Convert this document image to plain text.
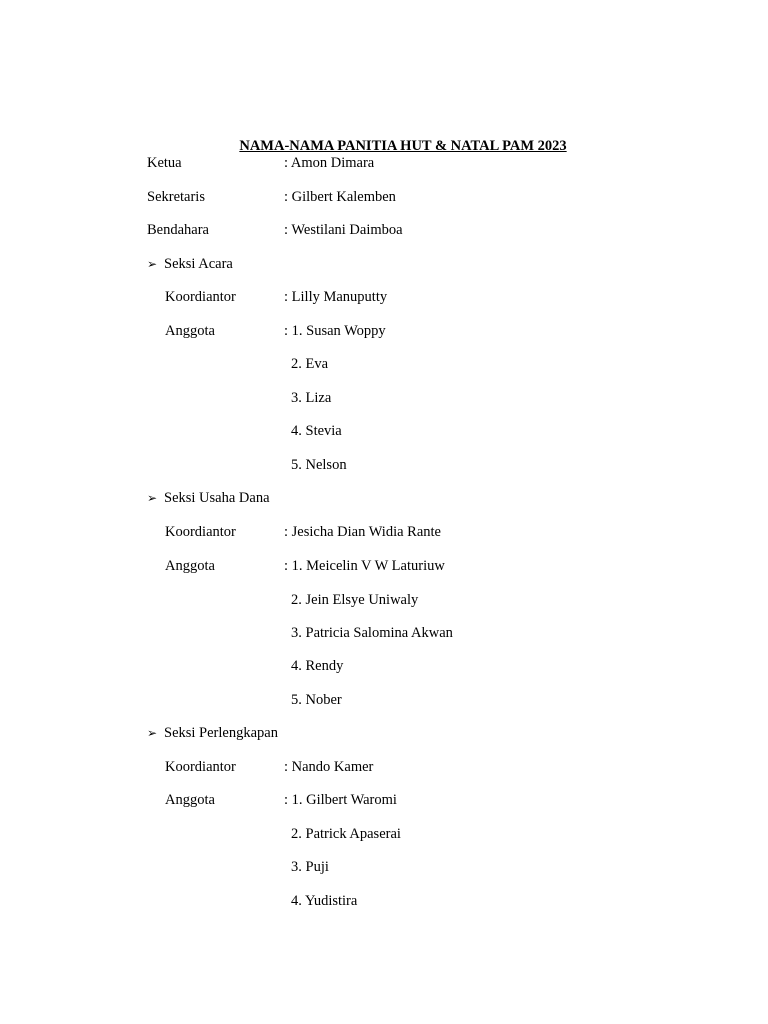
NAMA-NAMA PANITIA HUT & NATAL PAM 2023
Ketua	: Amon Dimara
Sekretaris	: Gilbert Kalemben
Bendahara	: Westilani Daimboa
➢ Seksi Acara
Koordiantor	: Lilly Manuputty
Anggota	: 1. Susan Woppy
2. Eva
3. Liza
4. Stevia
5. Nelson
➢ Seksi Usaha Dana
Koordiantor	: Jesicha Dian Widia Rante
Anggota	: 1. Meicelin V W Laturiuw
2. Jein Elsye Uniwaly
3. Patricia Salomina Akwan
4. Rendy
5. Nober
➢ Seksi Perlengkapan
Koordiantor	: Nando Kamer
Anggota	: 1. Gilbert Waromi
2. Patrick Apaserai
3. Puji
4. Yudistira
